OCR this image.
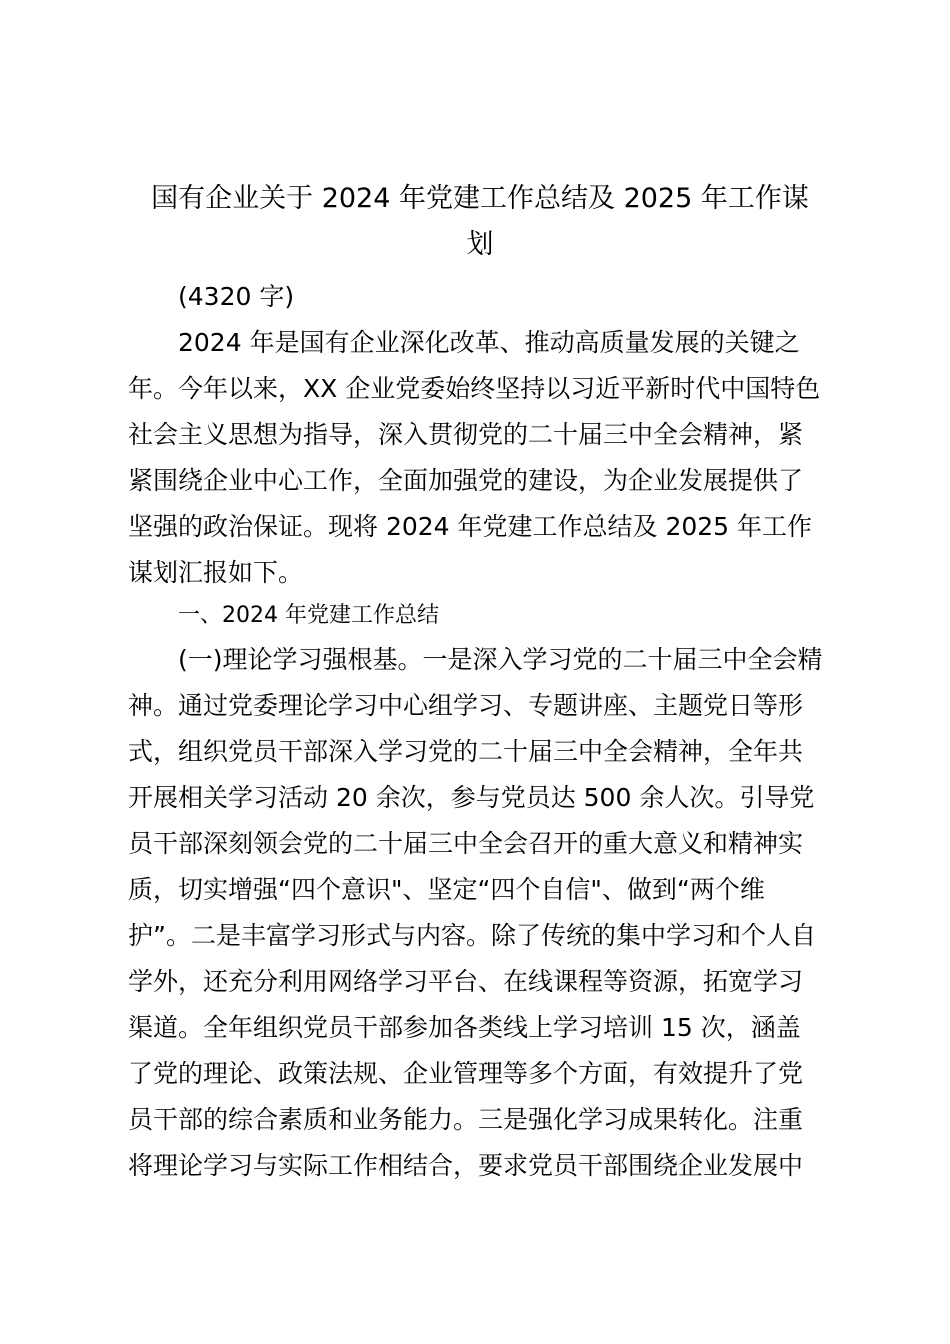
国有企业关于 2024 年党建工作总结及 2025 年工作谋
划
(4320 字)
2024 年是国有企业深化改革、推动高质量发展的关键之
年。今年以来，XX 企业党委始终坚持以习近平新时代中国特色
社会主义思想为指导，深入贯彻党的二十届三中全会精神，紧
紧围绕企业中心工作，全面加强党的建设，为企业发展提供了
坚强的政治保证。现将 2024 年党建工作总结及 2025 年工作
谋划汇报如下。
一、2024 年党建工作总结
(一)理论学习强根基。一是深入学习党的二十届三中全会精
神。通过党委理论学习中心组学习、专题讲座、主题党日等形
式，组织党员干部深入学习党的二十届三中全会精神，全年共
开展相关学习活动 20 余次，参与党员达 500 余人次。引导党
员干部深刻领会党的二十届三中全会召开的重大意义和精神实
质，切实增强“四个意识"、坚定“四个自信"、做到“两个维
护”。二是丰富学习形式与内容。除了传统的集中学习和个人自
学外，还充分利用网络学习平台、在线课程等资源，拓宽学习
渠道。全年组织党员干部参加各类线上学习培训 15 次，涵盖
了党的理论、政策法规、企业管理等多个方面，有效提升了党
员干部的综合素质和业务能力。三是强化学习成果转化。注重
将理论学习与实际工作相结合，要求党员干部围绕企业发展中
